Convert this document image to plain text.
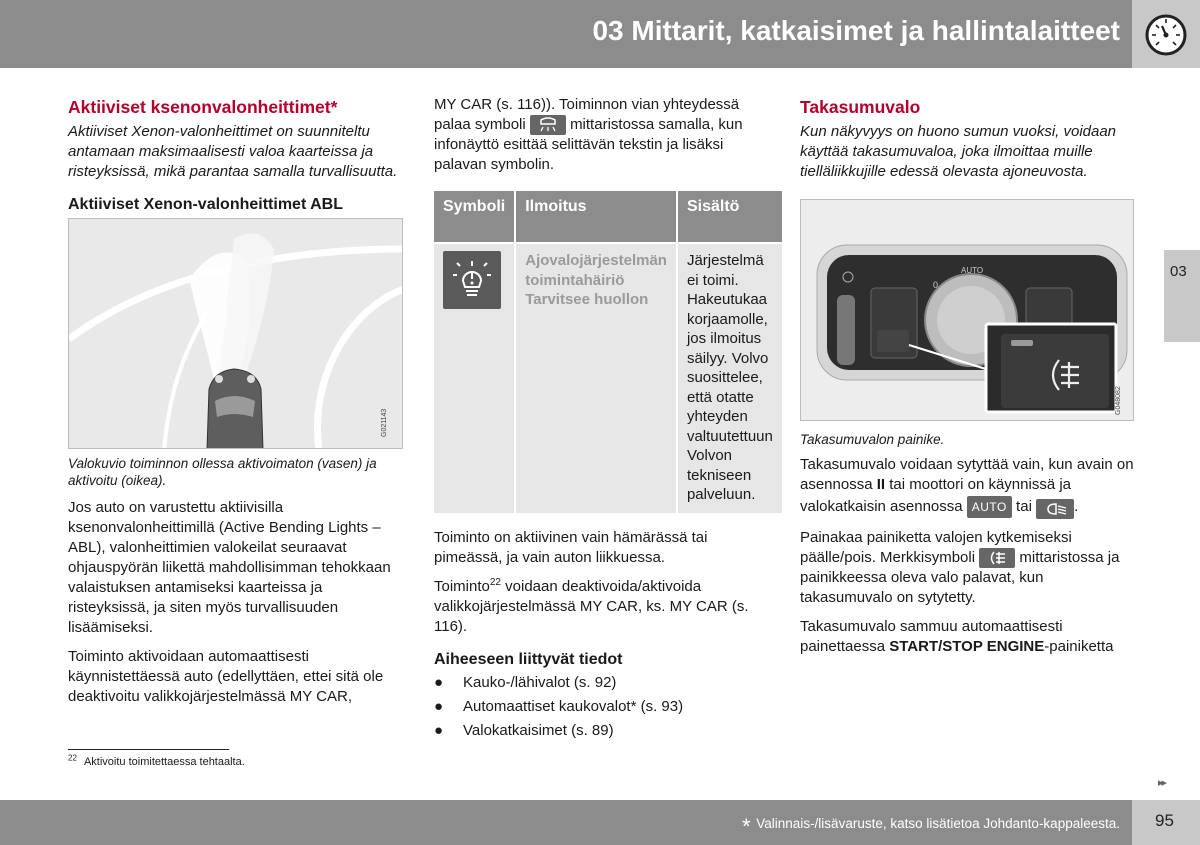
03 Mittarit, katkaisimet ja hallintalaitteet
03
Aktiiviset ksenonvalonheittimet*
Aktiiviset Xenon-valonheittimet on suunniteltu antamaan maksimaalisesti valoa kaarteissa ja risteyksissä, mikä parantaa samalla turvallisuutta.
Aktiiviset Xenon-valonheittimet ABL
G021143
Valokuvio toiminnon ollessa aktivoimaton (vasen) ja aktivoitu (oikea).

Jos auto on varustettu aktiivisilla ksenonvalonheittimillä (Active Bending Lights – ABL), valonheittimien valokeilat seuraavat ohjauspyörän liikettä mahdollisimman tehokkaan valaistuksen antamiseksi kaarteissa ja risteyksissä, ja siten myös turvallisuuden lisäämiseksi.

Toiminto aktivoidaan automaattisesti käynnistettäessä auto (edellyttäen, ettei sitä ole deaktivoitu valikkojärjestelmässä MY CAR,

MY CAR (s. 116)). Toiminnon vian yhteydessä palaa symboli	mittaristossa samalla, kun infonäyttö esittää selittävän tekstin ja lisäksi palavan symbolin.

Symboli	Ilmoitus	Sisältö

	Ajovalojärjestelmän toimintahäiriö Tarvitsee huollon	Järjestelmä ei toimi. Hakeutukaa korjaamolle, jos ilmoitus säilyy. Volvo suosittelee, että otatte yhteyden valtuutettuun Volvon tekniseen palveluun.

Toiminto on aktiivinen vain hämärässä tai pimeässä, ja vain auton liikkuessa.

Toiminto$^{22}$ voidaan deaktivoida/aktivoida valikkojärjestelmässä MY CAR, ks. MY CAR (s. 116).

Aiheeseen liittyvät tiedot
● Kauko-/lähivalot (s. 92)
● Automaattiset kaukovalot* (s. 93)
● Valokatkaisimet (s. 89)
Takasumuvalo
Kun näkyvyys on huono sumun vuoksi, voidaan käyttää takasumuvaloa, joka ilmoittaa muille tielläliikkujille edessä olevasta ajoneuvosta.
0
AUTO
G048082
Takasumuvalon painike.

Takasumuvalo voidaan sytyttää vain, kun avain on asennossa II tai moottori on käynnissä ja valokatkaisin asennossa AUTO tai	.

Painakaa painiketta valojen kytkemiseksi päälle/pois. Merkkisymboli	mittaristossa ja painikkeessa oleva valo palavat, kun takasumuvalo on sytytetty.

Takasumuvalo sammuu automaattisesti painettaessa START/STOP ENGINE-painiketta

$^{22}$ Aktivoitu toimitettaessa tehtaalta.
▸▸
* Valinnais-/lisävaruste, katso lisätietoa Johdanto-kappaleesta. 95
